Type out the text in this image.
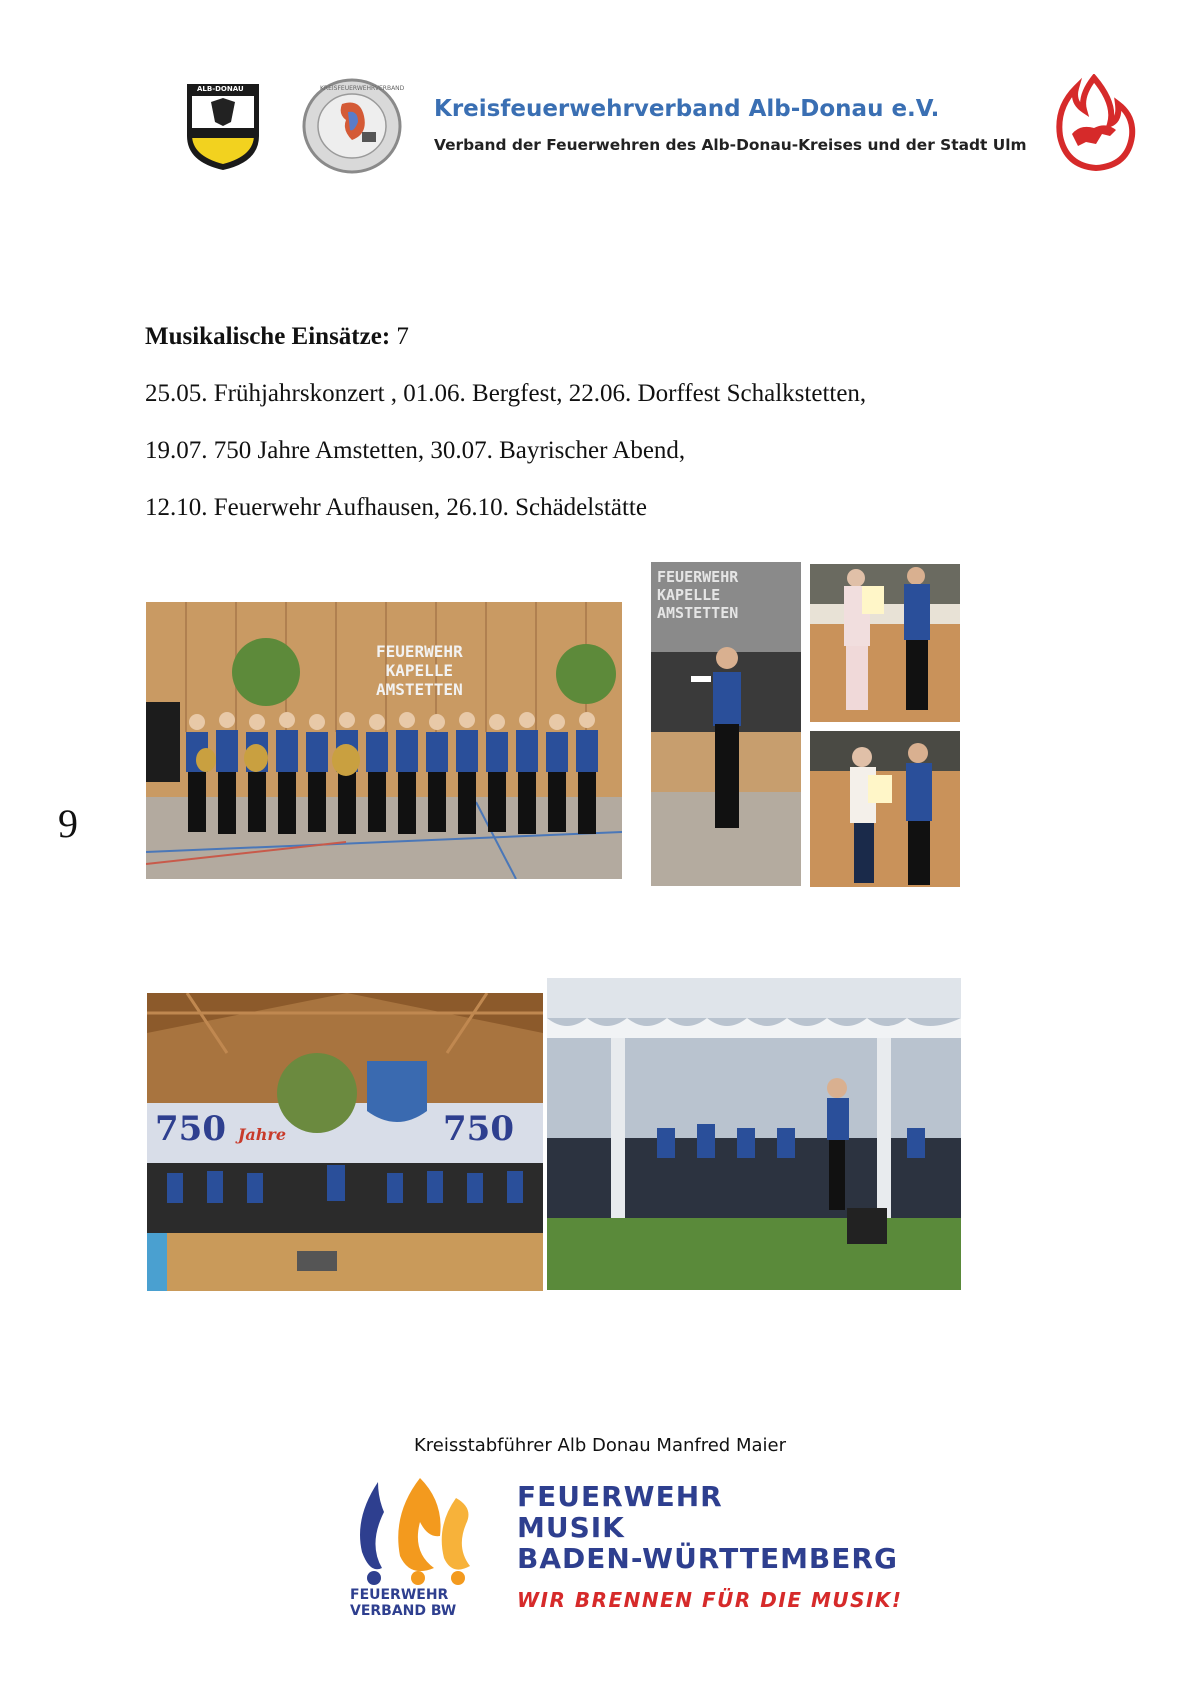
ALB-DONAU	KREISFEUERWEHRVERBAND
Kreisfeuerwehrverband Alb-Donau e.V.
Verband der Feuerwehren des Alb-Donau-Kreises und der Stadt Ulm
Musikalische Einsätze: 7
25.05. Frühjahrskonzert , 01.06. Bergfest, 22.06. Dorffest Schalkstetten,
19.07. 750 Jahre Amstetten, 30.07. Bayrischer Abend,
12.10. Feuerwehr Aufhausen, 26.10. Schädelstätte
9
FEUERWEHR
KAPELLE
AMSTETTEN
FEUERWEHR
KAPELLE
AMSTETTEN
750 Jahre	750
Kreisstabführer Alb Donau Manfred Maier
FEUERWEHR
VERBAND BW
FEUERWEHR
MUSIK
BADEN-WÜRTTEMBERG
WIR BRENNEN FÜR DIE MUSIK!
